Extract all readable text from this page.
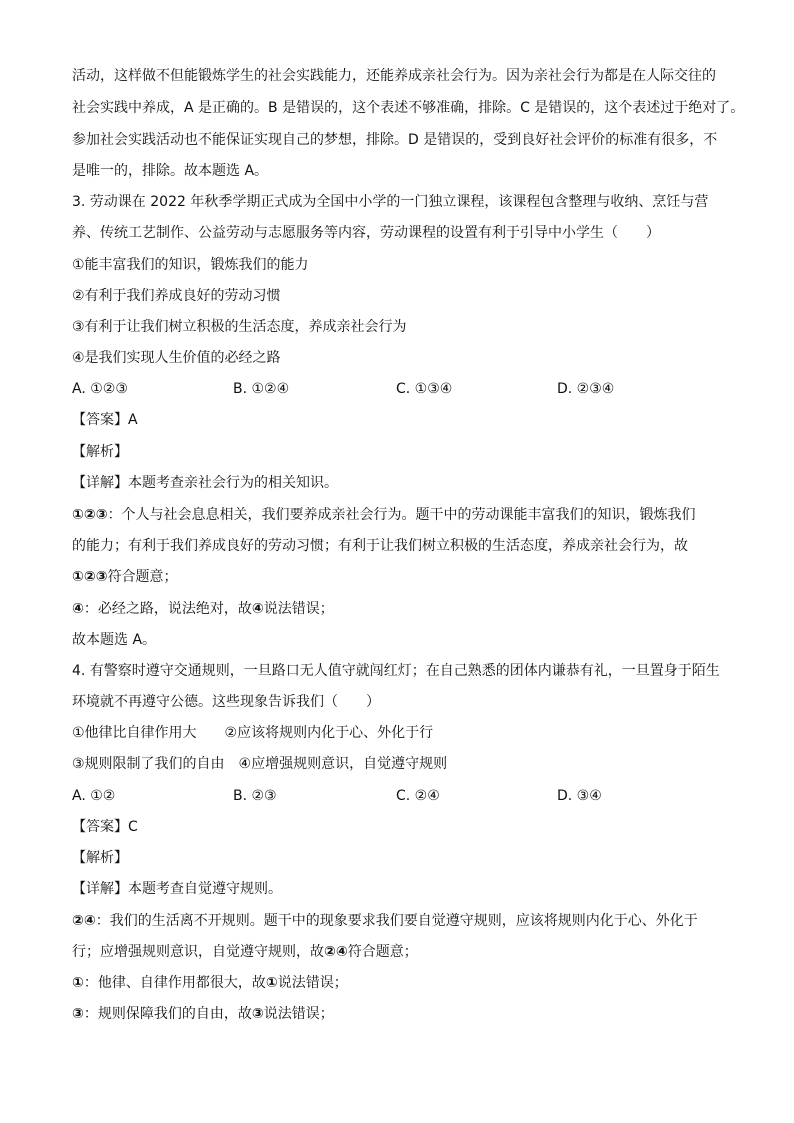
活动，这样做不但能锻炼学生的社会实践能力，还能养成亲社会行为。因为亲社会行为都是在人际交往的
社会实践中养成，A 是正确的。B 是错误的，这个表述不够准确，排除。C 是错误的，这个表述过于绝对了。
参加社会实践活动也不能保证实现自己的梦想，排除。D 是错误的，受到良好社会评价的标准有很多，不
是唯一的，排除。故本题选 A。
3. 劳动课在 2022 年秋季学期正式成为全国中小学的一门独立课程，该课程包含整理与收纳、烹饪与营
养、传统工艺制作、公益劳动与志愿服务等内容，劳动课程的设置有利于引导中小学生（　　）
①能丰富我们的知识，锻炼我们的能力
②有利于我们养成良好的劳动习惯
③有利于让我们树立积极的生活态度，养成亲社会行为
④是我们实现人生价值的必经之路
A. ①②③	B. ①②④	C. ①③④	D. ②③④
【答案】A
【解析】
【详解】本题考查亲社会行为的相关知识。
①②③：个人与社会息息相关，我们要养成亲社会行为。题干中的劳动课能丰富我们的知识，锻炼我们
的能力；有利于我们养成良好的劳动习惯；有利于让我们树立积极的生活态度，养成亲社会行为，故
①②③符合题意；
④：必经之路，说法绝对，故④说法错误；
故本题选 A。
4. 有警察时遵守交通规则，一旦路口无人值守就闯红灯；在自己熟悉的团体内谦恭有礼，一旦置身于陌生
环境就不再遵守公德。这些现象告诉我们（　　）
①他律比自律作用大　　②应该将规则内化于心、外化于行
③规则限制了我们的自由　④应增强规则意识，自觉遵守规则
A. ①②	B. ②③	C. ②④	D. ③④
【答案】C
【解析】
【详解】本题考查自觉遵守规则。
②④：我们的生活离不开规则。题干中的现象要求我们要自觉遵守规则，应该将规则内化于心、外化于
行；应增强规则意识，自觉遵守规则，故②④符合题意；
①：他律、自律作用都很大，故①说法错误；
③：规则保障我们的自由，故③说法错误；
